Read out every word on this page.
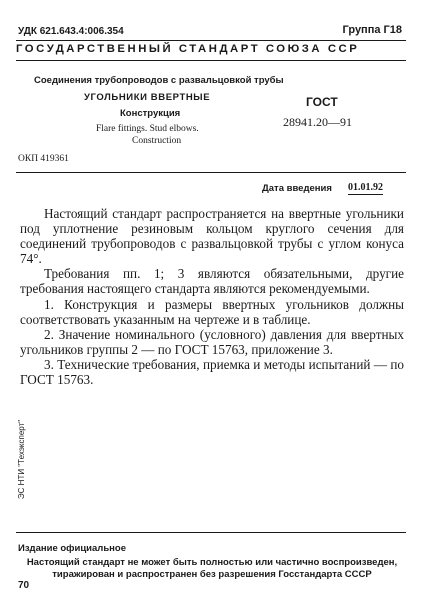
УДК 621.643.4:006.354	Группа Г18
ГОСУДАРСТВЕННЫЙ СТАНДАРТ СОЮЗА ССР
Соединения трубопроводов с развальцовкой трубы
УГОЛЬНИКИ ВВЕРТНЫЕ
Конструкция
Flare fittings. Stud elbows.
Construction
ГОСТ
28941.20—91
ОКП 419361
Дата введения 01.01.92

Настоящий стандарт распространяется на ввертные угольники под уплотнение резиновым кольцом круглого сечения для соединений трубопроводов с развальцовкой трубы с углом конуса 74°.

Требования пп. 1; 3 являются обязательными, другие требования настоящего стандарта являются рекомендуемыми.

1. Конструкция и размеры ввертных угольников должны соответствовать указанным на чертеже и в таблице.

2. Значение номинального (условного) давления для ввертных угольников группы 2 — по ГОСТ 15763, приложение 3.

3. Технические требования, приемка и методы испытаний — по ГОСТ 15763.

ЭС НТИ "Техэксперт"
Издание официальное
Настоящий стандарт не может быть полностью или частично воспроизведен, тиражирован и распространен без разрешения Госстандарта СССР
70
